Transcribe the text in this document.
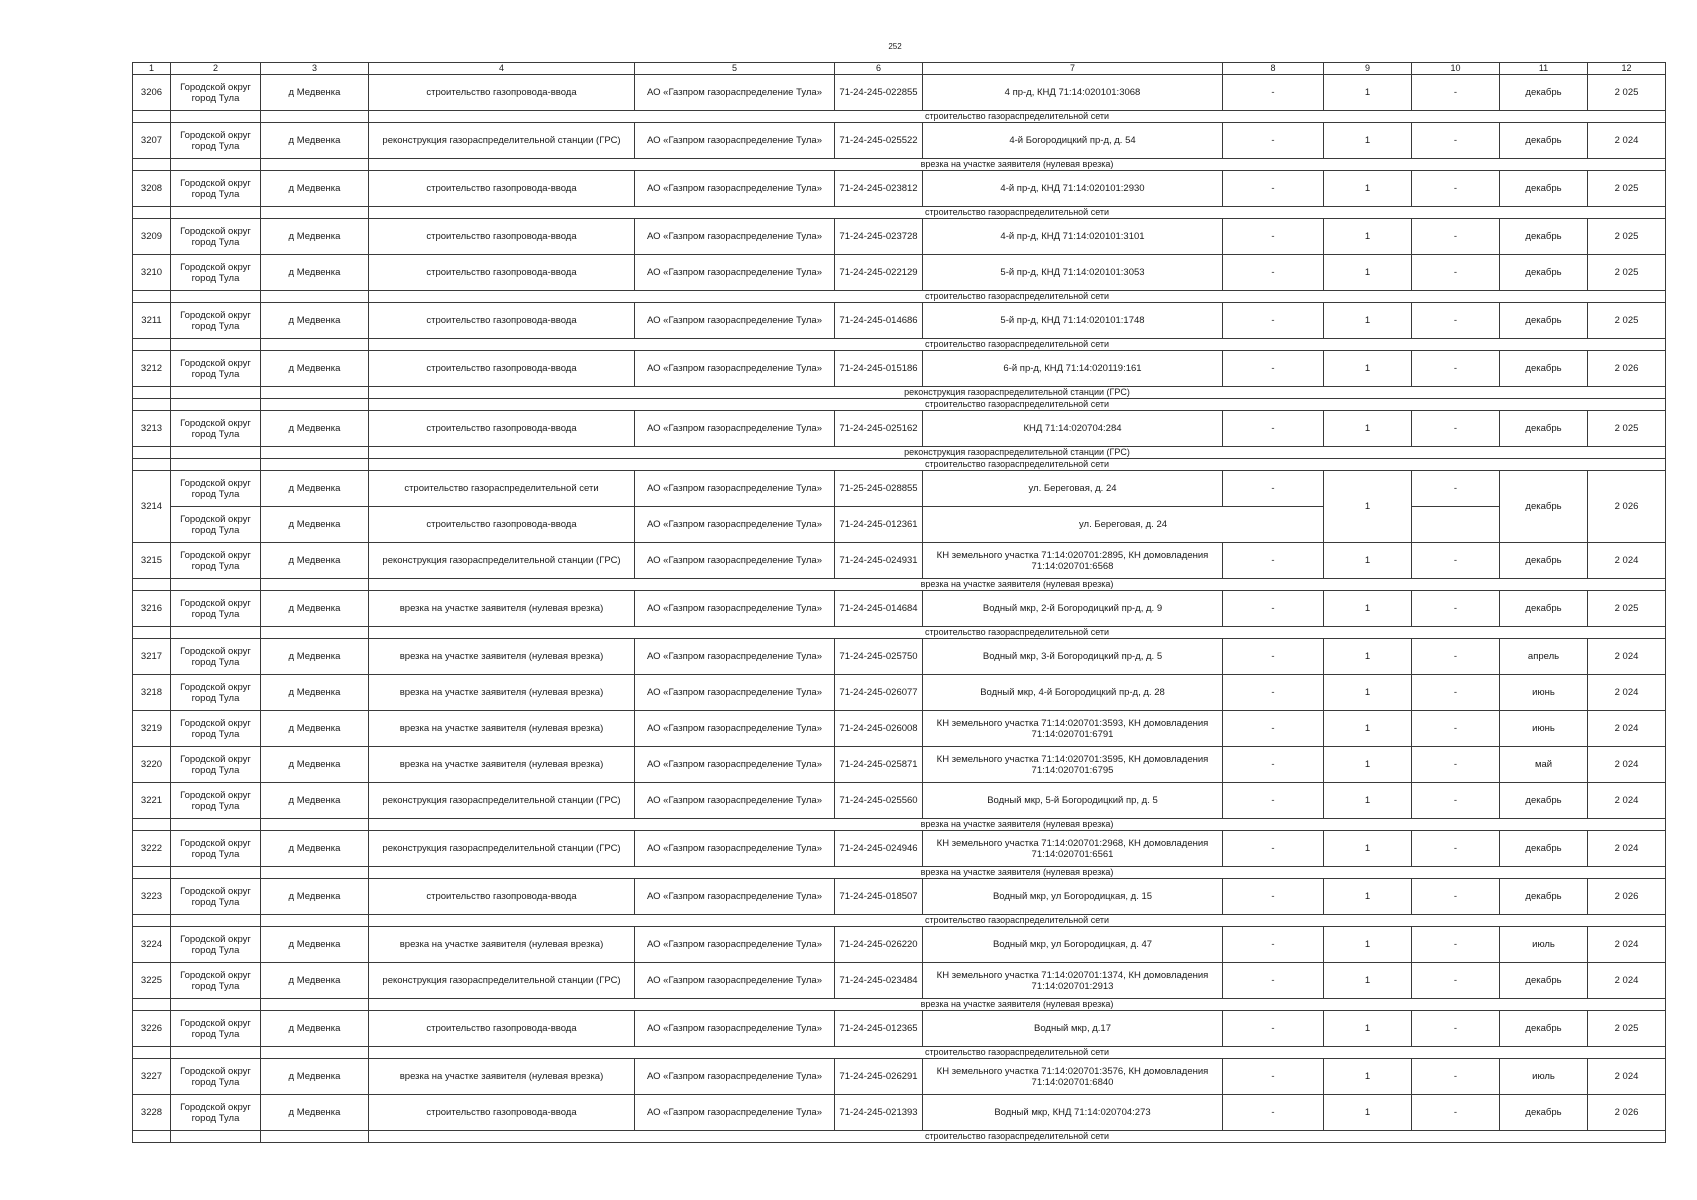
252
1	2	3	4	5	6	7	8	9	10	11	12
3206	Городской округ город Тула	д Медвенка	строительство газопровода-ввода	АО «Газпром газораспределение Тула»	71-24-245-022855	4 пр-д, КНД 71:14:020101:3068	-	1	-	декабрь	2 025
			строительство газораспределительной сети								
3207	Городской округ город Тула	д Медвенка	реконструкция газораспределительной станции (ГРС)	АО «Газпром газораспределение Тула»	71-24-245-025522	4-й Богородицкий пр-д, д. 54	-	1	-	декабрь	2 024
			врезка на участке заявителя (нулевая врезка)								
3208	Городской округ город Тула	д Медвенка	строительство газопровода-ввода	АО «Газпром газораспределение Тула»	71-24-245-023812	4-й пр-д, КНД 71:14:020101:2930	-	1	-	декабрь	2 025
			строительство газораспределительной сети								
3209	Городской округ город Тула	д Медвенка	строительство газопровода-ввода	АО «Газпром газораспределение Тула»	71-24-245-023728	4-й пр-д, КНД 71:14:020101:3101	-	1	-	декабрь	2 025
3210	Городской округ город Тула	д Медвенка	строительство газопровода-ввода	АО «Газпром газораспределение Тула»	71-24-245-022129	5-й пр-д, КНД 71:14:020101:3053	-	1	-	декабрь	2 025
			строительство газораспределительной сети								
3211	Городской округ город Тула	д Медвенка	строительство газопровода-ввода	АО «Газпром газораспределение Тула»	71-24-245-014686	5-й пр-д, КНД 71:14:020101:1748	-	1	-	декабрь	2 025
			строительство газораспределительной сети								
3212	Городской округ город Тула	д Медвенка	строительство газопровода-ввода	АО «Газпром газораспределение Тула»	71-24-245-015186	6-й пр-д, КНД 71:14:020119:161	-	1	-	декабрь	2 026
			реконструкция газораспределительной станции (ГРС)								
			строительство газораспределительной сети								
3213	Городской округ город Тула	д Медвенка	строительство газопровода-ввода	АО «Газпром газораспределение Тула»	71-24-245-025162	КНД 71:14:020704:284	-	1	-	декабрь	2 025
			реконструкция газораспределительной станции (ГРС)								
			строительство газораспределительной сети								
3214	Городской округ город Тула	д Медвенка	строительство газораспределительной сети	АО «Газпром газораспределение Тула»	71-25-245-028855	ул. Береговая, д. 24	-	1	-	декабрь	2 026
	Городской округ город Тула	д Медвенка	строительство газопровода-ввода	АО «Газпром газораспределение Тула»	71-24-245-012361	ул. Береговая, д. 24					
3215	Городской округ город Тула	д Медвенка	реконструкция газораспределительной станции (ГРС)	АО «Газпром газораспределение Тула»	71-24-245-024931	КН земельного участка 71:14:020701:2895, КН домовладения 71:14:020701:6568	-	1	-	декабрь	2 024
			врезка на участке заявителя (нулевая врезка)								
3216	Городской округ город Тула	д Медвенка	врезка на участке заявителя (нулевая врезка)	АО «Газпром газораспределение Тула»	71-24-245-014684	Водный мкр, 2-й Богородицкий пр-д, д. 9	-	1	-	декабрь	2 025
			строительство газораспределительной сети								
3217	Городской округ город Тула	д Медвенка	врезка на участке заявителя (нулевая врезка)	АО «Газпром газораспределение Тула»	71-24-245-025750	Водный мкр, 3-й Богородицкий пр-д, д. 5	-	1	-	апрель	2 024
3218	Городской округ город Тула	д Медвенка	врезка на участке заявителя (нулевая врезка)	АО «Газпром газораспределение Тула»	71-24-245-026077	Водный мкр, 4-й Богородицкий пр-д, д. 28	-	1	-	июнь	2 024
3219	Городской округ город Тула	д Медвенка	врезка на участке заявителя (нулевая врезка)	АО «Газпром газораспределение Тула»	71-24-245-026008	КН земельного участка 71:14:020701:3593, КН домовладения 71:14:020701:6791	-	1	-	июнь	2 024
3220	Городской округ город Тула	д Медвенка	врезка на участке заявителя (нулевая врезка)	АО «Газпром газораспределение Тула»	71-24-245-025871	КН земельного участка 71:14:020701:3595, КН домовладения 71:14:020701:6795	-	1	-	май	2 024
3221	Городской округ город Тула	д Медвенка	реконструкция газораспределительной станции (ГРС)	АО «Газпром газораспределение Тула»	71-24-245-025560	Водный мкр, 5-й Богородицкий пр, д. 5	-	1	-	декабрь	2 024
			врезка на участке заявителя (нулевая врезка)								
3222	Городской округ город Тула	д Медвенка	реконструкция газораспределительной станции (ГРС)	АО «Газпром газораспределение Тула»	71-24-245-024946	КН земельного участка 71:14:020701:2968, КН домовладения 71:14:020701:6561	-	1	-	декабрь	2 024
			врезка на участке заявителя (нулевая врезка)								
3223	Городской округ город Тула	д Медвенка	строительство газопровода-ввода	АО «Газпром газораспределение Тула»	71-24-245-018507	Водный мкр, ул Богородицкая, д. 15	-	1	-	декабрь	2 026
			строительство газораспределительной сети								
3224	Городской округ город Тула	д Медвенка	врезка на участке заявителя (нулевая врезка)	АО «Газпром газораспределение Тула»	71-24-245-026220	Водный мкр, ул Богородицкая, д. 47	-	1	-	июль	2 024
3225	Городской округ город Тула	д Медвенка	реконструкция газораспределительной станции (ГРС)	АО «Газпром газораспределение Тула»	71-24-245-023484	КН земельного участка 71:14:020701:1374, КН домовладения 71:14:020701:2913	-	1	-	декабрь	2 024
			врезка на участке заявителя (нулевая врезка)								
3226	Городской округ город Тула	д Медвенка	строительство газопровода-ввода	АО «Газпром газораспределение Тула»	71-24-245-012365	Водный мкр, д.17	-	1	-	декабрь	2 025
			строительство газораспределительной сети								
3227	Городской округ город Тула	д Медвенка	врезка на участке заявителя (нулевая врезка)	АО «Газпром газораспределение Тула»	71-24-245-026291	КН земельного участка 71:14:020701:3576, КН домовладения 71:14:020701:6840	-	1	-	июль	2 024
3228	Городской округ город Тула	д Медвенка	строительство газопровода-ввода	АО «Газпром газораспределение Тула»	71-24-245-021393	Водный мкр, КНД 71:14:020704:273	-	1	-	декабрь	2 026
			строительство газораспределительной сети								
